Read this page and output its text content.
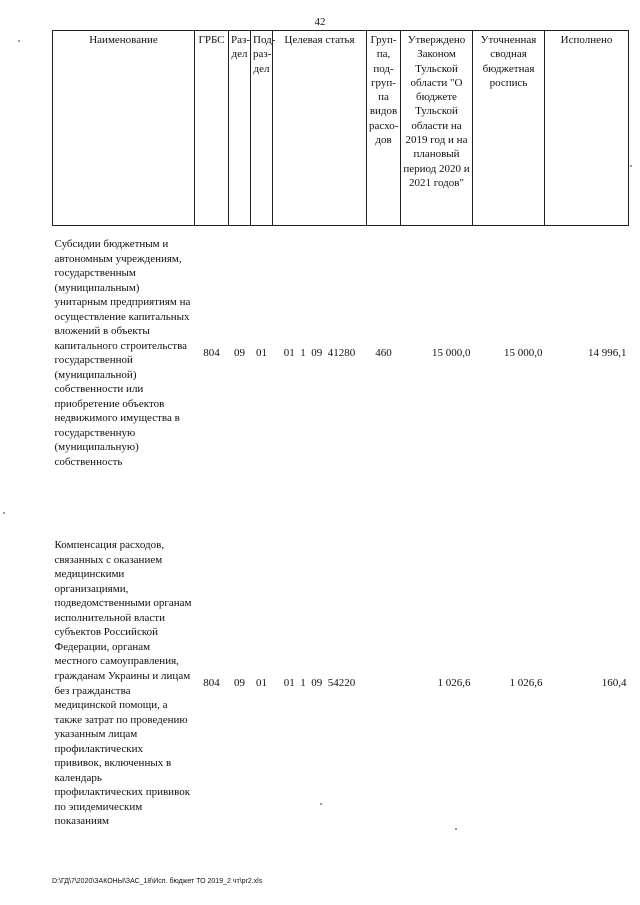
42
Наименование	ГРБС	Раз-дел	Под-раз-дел	Целевая статья	Груп-па, под-груп-па видов расхо-дов	Утверждено Законом Тульской области "О бюджете Тульской области на 2019 год и на плановый период 2020 и 2021 годов"	Уточненная сводная бюджетная роспись	Исполнено
Субсидии бюджетным и автономным учреждениям, государственным (муниципальным) унитарным предприятиям на осуществление капитальных вложений в объекты капитального строительства государственной (муниципальной) собственности или приобретение объектов недвижимого имущества в государственную (муниципальную) собственность	804	09	01	01 1 09 41280	460	15 000,0	15 000,0	14 996,1

Компенсация расходов, связанных с оказанием медицинскими организациями, подведомственными органам исполнительной власти субъектов Российской Федерации, органам местного самоуправления, гражданам Украины и лицам без гражданства медицинской помощи, а также затрат по проведению указанным лицам профилактических прививок, включенных в календарь профилактических прививок по эпидемическим показаниям	804	09	01	01 1 09 54220		1 026,6	1 026,6	160,4
D:\ГД\7\2020\ЗАКОНЫ\ЗАС_18\Исп. бюджет ТО 2019_2 чт\pr2.xls
